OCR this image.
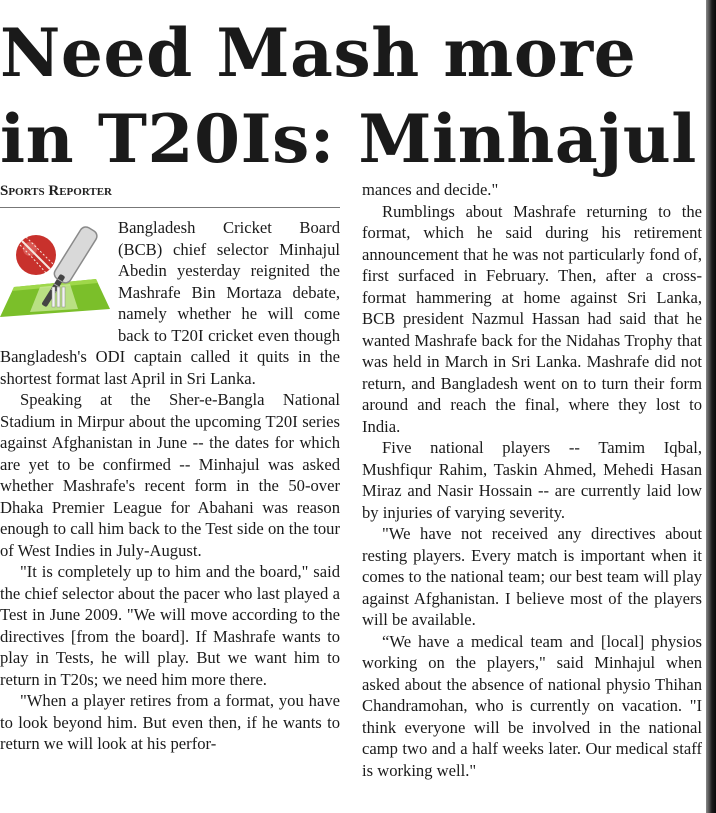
Need Mash more in T20Is: Minhajul
Sports Reporter

Bangladesh Cricket Board (BCB) chief selector Minhajul Abedin yesterday reignited the Mashrafe Bin Mortaza debate, namely whether he will come back to T20I cricket even though Bangladesh's ODI captain called it quits in the shortest format last April in Sri Lanka.

Speaking at the Sher-e-Bangla National Stadium in Mirpur about the upcoming T20I series against Afghanistan in June -- the dates for which are yet to be confirmed -- Minhajul was asked whether Mashrafe's recent form in the 50-over Dhaka Premier League for Abahani was reason enough to call him back to the Test side on the tour of West Indies in July-August.

"It is completely up to him and the board," said the chief selector about the pacer who last played a Test in June 2009. "We will move according to the directives [from the board]. If Mashrafe wants to play in Tests, he will play. But we want him to return in T20s; we need him more there.

"When a player retires from a format, you have to look beyond him. But even then, if he wants to return we will look at his perfor-

mances and decide."

Rumblings about Mashrafe returning to the format, which he said during his retirement announcement that he was not particularly fond of, first surfaced in February. Then, after a cross-format hammering at home against Sri Lanka, BCB president Nazmul Hassan had said that he wanted Mashrafe back for the Nidahas Trophy that was held in March in Sri Lanka. Mashrafe did not return, and Bangladesh went on to turn their form around and reach the final, where they lost to India.

Five national players -- Tamim Iqbal, Mushfiqur Rahim, Taskin Ahmed, Mehedi Hasan Miraz and Nasir Hossain -- are currently laid low by injuries of varying severity.

"We have not received any directives about resting players. Every match is important when it comes to the national team; our best team will play against Afghanistan. I believe most of the players will be available.

“We have a medical team and [local] physios working on the players," said Minhajul when asked about the absence of national physio Thihan Chandramohan, who is currently on vacation. "I think everyone will be involved in the national camp two and a half weeks later. Our medical staff is working well."
